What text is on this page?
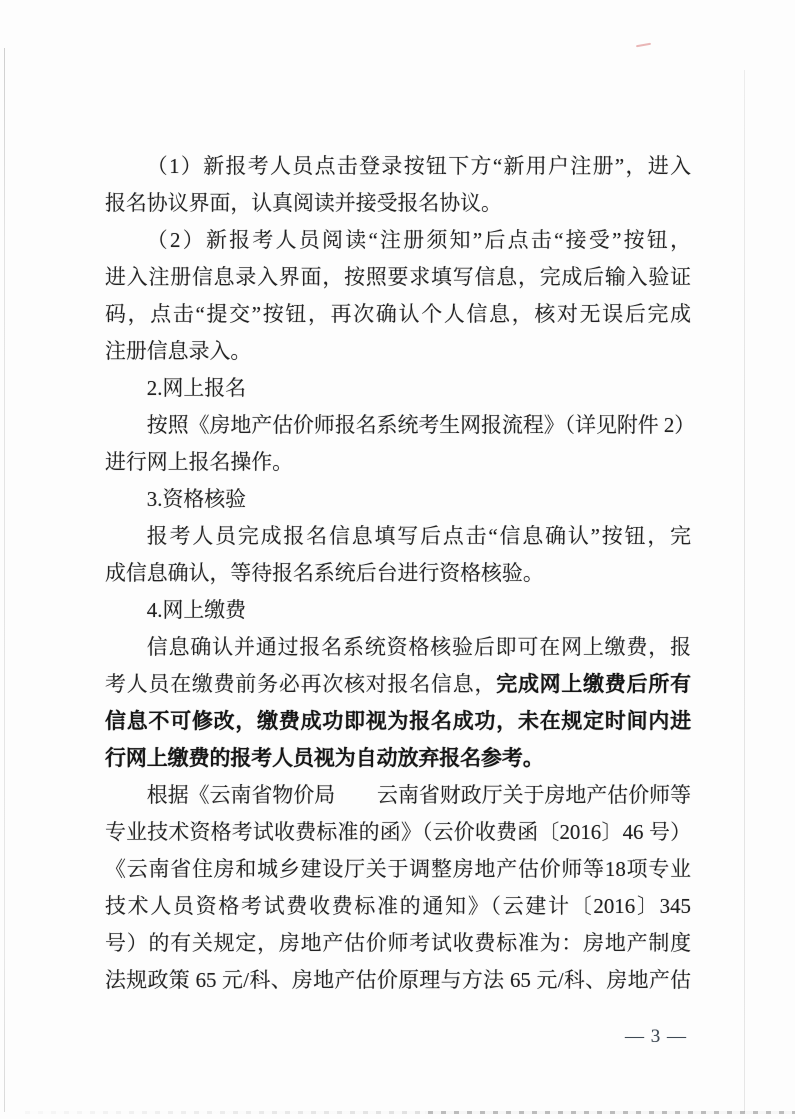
（1）新报考人员点击登录按钮下方“新用户注册”，进入
报名协议界面，认真阅读并接受报名协议。
（2）新报考人员阅读“注册须知”后点击“接受”按钮，
进入注册信息录入界面，按照要求填写信息，完成后输入验证
码，点击“提交”按钮，再次确认个人信息，核对无误后完成
注册信息录入。
2.网上报名
按照《房地产估价师报名系统考生网报流程》（详见附件 2）
进行网上报名操作。
3.资格核验
报考人员完成报名信息填写后点击“信息确认”按钮，完
成信息确认，等待报名系统后台进行资格核验。
4.网上缴费
信息确认并通过报名系统资格核验后即可在网上缴费，报
考人员在缴费前务必再次核对报名信息，完成网上缴费后所有
信息不可修改，缴费成功即视为报名成功，未在规定时间内进
行网上缴费的报考人员视为自动放弃报名参考。
根据《云南省物价局　　云南省财政厅关于房地产估价师等
专业技术资格考试收费标准的函》（云价收费函〔2016〕46 号）
《云南省住房和城乡建设厅关于调整房地产估价师等18项专业
技术人员资格考试费收费标准的通知》（云建计〔2016〕345
号）的有关规定，房地产估价师考试收费标准为：房地产制度
法规政策 65 元/科、房地产估价原理与方法 65 元/科、房地产估
— 3 —
